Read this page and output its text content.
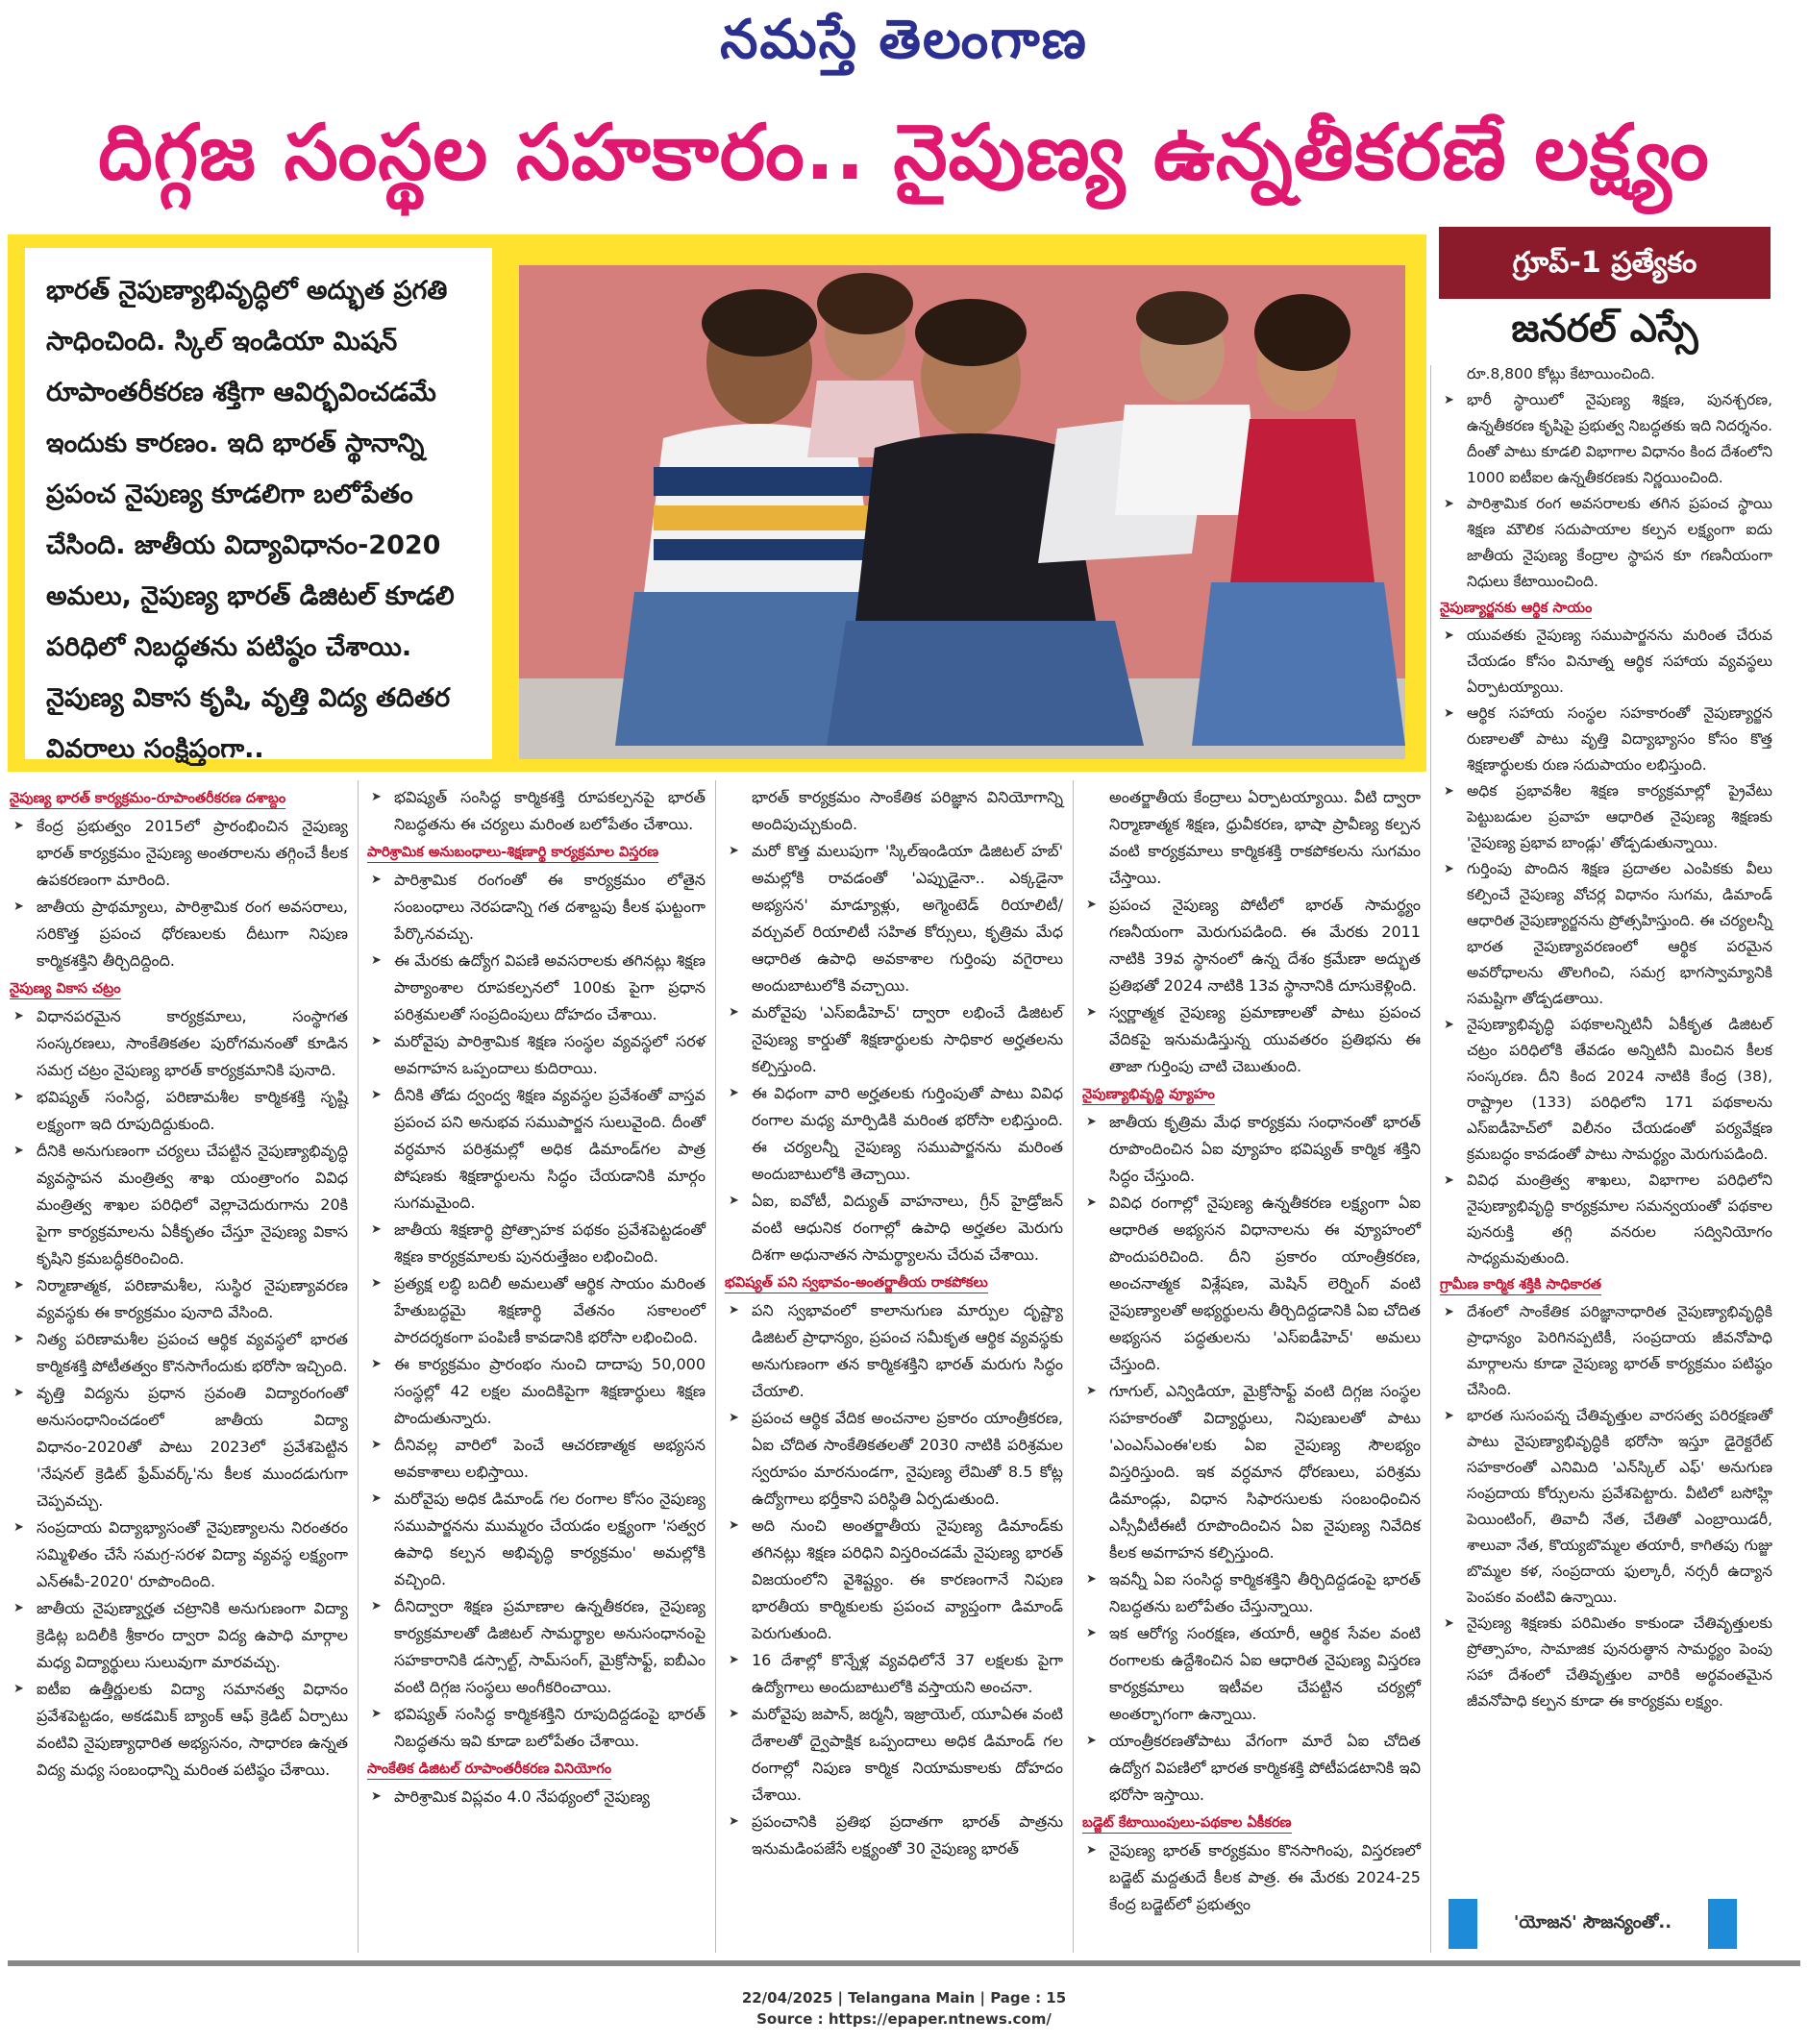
నమస్తే తెలంగాణ
దిగ్గజ సంస్థల సహకారం.. నైపుణ్య ఉన్నతీకరణే లక్ష్యం
భారత్ నైపుణ్యాభివృద్ధిలో అద్భుత ప్రగతి సాధించింది. స్కిల్ ఇండియా మిషన్ రూపాంతరీకరణ శక్తిగా ఆవిర్భవించడమే ఇందుకు కారణం. ఇది భారత్ స్థానాన్ని ప్రపంచ నైపుణ్య కూడలిగా బలోపేతం చేసింది. జాతీయ విద్యావిధానం-2020 అమలు, నైపుణ్య భారత్ డిజిటల్ కూడలి పరిధిలో నిబద్ధతను పటిష్ఠం చేశాయి. నైపుణ్య వికాస కృషి, వృత్తి విద్య తదితర వివరాలు సంక్షిప్తంగా..
గ్రూప్-1 ప్రత్యేకం
జనరల్ ఎస్సే
నైపుణ్య భారత్ కార్యక్రమం-రూపాంతరీకరణ దశాబ్దం
➤ కేంద్ర ప్రభుత్వం 2015లో ప్రారంభించిన నైపుణ్య భారత్ కార్యక్రమం నైపుణ్య అంతరాలను తగ్గించే కీలక ఉపకరణంగా మారింది.
➤ జాతీయ ప్రాథమ్యాలు, పారిశ్రామిక రంగ అవసరాలు, సరికొత్త ప్రపంచ ధోరణులకు దీటుగా నిపుణ కార్మికశక్తిని తీర్చిదిద్దింది.
నైపుణ్య వికాస చట్రం
➤ విధానపరమైన కార్యక్రమాలు, సంస్థాగత సంస్కరణలు, సాంకేతికతల పురోగమనంతో కూడిన సమగ్ర చట్రం నైపుణ్య భారత్ కార్యక్రమానికి పునాది.
➤ భవిష్యత్ సంసిద్ధ, పరిణామశీల కార్మికశక్తి సృష్టి లక్ష్యంగా ఇది రూపుదిద్దుకుంది.
➤ దీనికి అనుగుణంగా చర్యలు చేపట్టిన నైపుణ్యాభివృద్ధి వ్యవస్థాపన మంత్రిత్వ శాఖ యంత్రాంగం వివిధ మంత్రిత్వ శాఖల పరిధిలో వెల్లాచెదురుగాను 20కి పైగా కార్యక్రమాలను ఏకీకృతం చేస్తూ నైపుణ్య వికాస కృషిని క్రమబద్ధీకరించింది.
➤ నిర్మాణాత్మక, పరిణామశీల, సుస్థిర నైపుణ్యావరణ వ్యవస్థకు ఈ కార్యక్రమం పునాది వేసింది.
➤ నిత్య పరిణామశీల ప్రపంచ ఆర్థిక వ్యవస్థలో భారత కార్మికశక్తి పోటీతత్వం కొనసాగేందుకు భరోసా ఇచ్చింది.
➤ వృత్తి విద్యను ప్రధాన స్రవంతి విద్యారంగంతో అనుసంధానించడంలో జాతీయ విద్యా విధానం-2020తో పాటు 2023లో ప్రవేశపెట్టిన 'నేషనల్ క్రెడిట్ ఫ్రేమ్‌వర్క్'ను కీలక ముందడుగుగా చెప్పవచ్చు.
➤ సంప్రదాయ విద్యాభ్యాసంతో నైపుణ్యాలను నిరంతరం సమ్మిళితం చేసే సమగ్ర-సరళ విద్యా వ్యవస్థ లక్ష్యంగా ఎన్‌ఈపీ-2020' రూపొందింది.
➤ జాతీయ నైపుణ్యార్హత చట్రానికి అనుగుణంగా విద్యా క్రెడిట్ల బదిలీకి శ్రీకారం ద్వారా విద్య ఉపాధి మార్గాల మధ్య విద్యార్థులు సులువుగా మారవచ్చు.
➤ ఐటీఐ ఉత్తీర్ణులకు విద్యా సమానత్వ విధానం ప్రవేశపెట్టడం, అకడమిక్ బ్యాంక్ ఆఫ్ క్రెడిట్ ఏర్పాటు వంటివి నైపుణ్యాధారిత అభ్యసనం, సాధారణ ఉన్నత విద్య మధ్య సంబంధాన్ని మరింత పటిష్ఠం చేశాయి.
➤ భవిష్యత్ సంసిద్ధ కార్మికశక్తి రూపకల్పనపై భారత్ నిబద్ధతను ఈ చర్యలు మరింత బలోపేతం చేశాయి.
పారిశ్రామిక అనుబంధాలు-శిక్షణార్థి కార్యక్రమాల విస్తరణ
➤ పారిశ్రామిక రంగంతో ఈ కార్యక్రమం లోతైన సంబంధాలు నెరపడాన్ని గత దశాబ్దపు కీలక ఘట్టంగా పేర్కొనవచ్చు.
➤ ఈ మేరకు ఉద్యోగ విపణి అవసరాలకు తగినట్లు శిక్షణ పాఠ్యాంశాల రూపకల్పనలో 100కు పైగా ప్రధాన పరిశ్రమలతో సంప్రదింపులు దోహదం చేశాయి.
➤ మరోవైపు పారిశ్రామిక శిక్షణ సంస్థల వ్యవస్థలో సరళ అవగాహన ఒప్పందాలు కుదిరాయి.
➤ దీనికి తోడు ద్వంద్వ శిక్షణ వ్యవస్థల ప్రవేశంతో వాస్తవ ప్రపంచ పని అనుభవ సముపార్జన సులువైంది. దీంతో వర్ధమాన పరిశ్రమల్లో అధిక డిమాండ్‌గల పాత్ర పోషణకు శిక్షణార్థులను సిద్ధం చేయడానికి మార్గం సుగమమైంది.
➤ జాతీయ శిక్షణార్థి ప్రోత్సాహక పథకం ప్రవేశపెట్టడంతో శిక్షణ కార్యక్రమాలకు పునరుత్తేజం లభించింది.
➤ ప్రత్యక్ష లబ్ధి బదిలీ అమలుతో ఆర్థిక సాయం మరింత హేతుబద్ధమై శిక్షణార్థి వేతనం సకాలంలో పారదర్శకంగా పంపిణీ కావడానికి భరోసా లభించింది.
➤ ఈ కార్యక్రమం ప్రారంభం నుంచి దాదాపు 50,000 సంస్థల్లో 42 లక్షల మందికిపైగా శిక్షణార్థులు శిక్షణ పొందుతున్నారు.
➤ దీనివల్ల వారిలో పెంచే ఆచరణాత్మక అభ్యసన అవకాశాలు లభిస్తాయి.
➤ మరోవైపు అధిక డిమాండ్ గల రంగాల కోసం నైపుణ్య సముపార్జనను ముమ్మరం చేయడం లక్ష్యంగా 'సత్వర ఉపాధి కల్పన అభివృద్ధి కార్యక్రమం' అమల్లోకి వచ్చింది.
➤ దీనిద్వారా శిక్షణ ప్రమాణాల ఉన్నతీకరణ, నైపుణ్య కార్యక్రమాలతో డిజిటల్ సామర్థ్యాల అనుసంధానంపై సహకారానికి డస్సాల్ట్, సామ్‌సంగ్, మైక్రోసాఫ్ట్, ఐబీఎం వంటి దిగ్గజ సంస్థలు అంగీకరించాయి.
➤ భవిష్యత్ సంసిద్ధ కార్మికశక్తిని రూపుదిద్దడంపై భారత్ నిబద్ధతను ఇవి కూడా బలోపేతం చేశాయి.
సాంకేతిక డిజిటల్ రూపాంతరీకరణ వినియోగం
➤ పారిశ్రామిక విప్లవం 4.0 నేపథ్యంలో నైపుణ్య
భారత్ కార్యక్రమం సాంకేతిక పరిజ్ఞాన వినియోగాన్ని అందిపుచ్చుకుంది.
➤ మరో కొత్త మలుపుగా 'స్కిల్‌ఇండియా డిజిటల్ హబ్' అమల్లోకి రావడంతో 'ఎప్పుడైనా.. ఎక్కడైనా అభ్యసన' మాడ్యూళ్లు, అగ్మెంటెడ్ రియాలిటీ/వర్చువల్ రియాలిటీ సహిత కోర్సులు, కృత్రిమ మేధ ఆధారిత ఉపాధి అవకాశాల గుర్తింపు వగైరాలు అందుబాటులోకి వచ్చాయి.
➤ మరోవైపు 'ఎస్ఐడీహెచ్' ద్వారా లభించే డిజిటల్ నైపుణ్య కార్డుతో శిక్షణార్థులకు సాధికార అర్హతలను కల్పిస్తుంది.
➤ ఈ విధంగా వారి అర్హతలకు గుర్తింపుతో పాటు వివిధ రంగాల మధ్య మార్పిడికి మరింత భరోసా లభిస్తుంది. ఈ చర్యలన్నీ నైపుణ్య సముపార్జనను మరింత అందుబాటులోకి తెచ్చాయి.
➤ ఏఐ, ఐవోటీ, విద్యుత్ వాహనాలు, గ్రీన్ హైడ్రోజన్ వంటి ఆధునిక రంగాల్లో ఉపాధి అర్హతల మెరుగు దిశగా అధునాతన సామర్థ్యాలను చేరువ చేశాయి.
భవిష్యత్ పని స్వభావం-అంతర్జాతీయ రాకపోకలు
➤ పని స్వభావంలో కాలానుగుణ మార్పుల దృష్ట్యా డిజిటల్ ప్రాధాన్యం, ప్రపంచ సమీకృత ఆర్థిక వ్యవస్థకు అనుగుణంగా తన కార్మికశక్తిని భారత్ మరుగు సిద్ధం చేయాలి.
➤ ప్రపంచ ఆర్థిక వేదిక అంచనాల ప్రకారం యాంత్రీకరణ, ఏఐ చోదిత సాంకేతికతలతో 2030 నాటికి పరిశ్రమల స్వరూపం మారనుండగా, నైపుణ్య లేమితో 8.5 కోట్ల ఉద్యోగాలు భర్తీకాని పరిస్థితి ఏర్పడుతుంది.
➤ అది నుంచి అంతర్జాతీయ నైపుణ్య డిమాండ్‌కు తగినట్లు శిక్షణ పరిధిని విస్తరించడమే నైపుణ్య భారత్ విజయంలోని వైశిష్ట్యం. ఈ కారణంగానే నిపుణ భారతీయ కార్మికులకు ప్రపంచ వ్యాప్తంగా డిమాండ్ పెరుగుతుంది.
➤ 16 దేశాల్లో కొన్నేళ్ల వ్యవధిలోనే 37 లక్షలకు పైగా ఉద్యోగాలు అందుబాటులోకి వస్తాయని అంచనా.
➤ మరోవైపు జపాన్, జర్మనీ, ఇజ్రాయెల్, యూఏఈ వంటి దేశాలతో ద్వైపాక్షిక ఒప్పందాలు అధిక డిమాండ్ గల రంగాల్లో నిపుణ కార్మిక నియామకాలకు దోహదం చేశాయి.
➤ ప్రపంచానికి ప్రతిభ ప్రదాతగా భారత్ పాత్రను ఇనుమడింపజేసే లక్ష్యంతో 30 నైపుణ్య భారత్
అంతర్జాతీయ కేంద్రాలు ఏర్పాటయ్యాయి. వీటి ద్వారా నిర్మాణాత్మక శిక్షణ, ధ్రువీకరణ, భాషా ప్రావీణ్య కల్పన వంటి కార్యక్రమాలు కార్మికశక్తి రాకపోకలను సుగమం చేస్తాయి.
➤ ప్రపంచ నైపుణ్య పోటీలో భారత్ సామర్థ్యం గణనీయంగా మెరుగుపడింది. ఈ మేరకు 2011 నాటికి 39వ స్థానంలో ఉన్న దేశం క్రమేణా అద్భుత ప్రతిభతో 2024 నాటికి 13వ స్థానానికి దూసుకెళ్లింది.
➤ స్వర్ణాత్మక నైపుణ్య ప్రమాణాలతో పాటు ప్రపంచ వేదికపై ఇనుమడిస్తున్న యువతరం ప్రతిభను ఈ తాజా గుర్తింపు చాటి చెబుతుంది.
నైపుణ్యాభివృద్ధి వ్యూహం
➤ జాతీయ కృత్రిమ మేధ కార్యక్రమ సంధానంతో భారత్ రూపొందించిన ఏఐ వ్యూహం భవిష్యత్ కార్మిక శక్తిని సిద్ధం చేస్తుంది.
➤ వివిధ రంగాల్లో నైపుణ్య ఉన్నతీకరణ లక్ష్యంగా ఏఐ ఆధారిత అభ్యసన విధానాలను ఈ వ్యూహంలో పొందుపరిచింది. దీని ప్రకారం యాంత్రీకరణ, అంచనాత్మక విశ్లేషణ, మెషిన్ లెర్నింగ్ వంటి నైపుణ్యాలతో అభ్యర్థులను తీర్చిదిద్దడానికి ఏఐ చోదిత అభ్యసన పద్ధతులను 'ఎస్ఐడీహెచ్' అమలు చేస్తుంది.
➤ గూగుల్, ఎన్విడియా, మైక్రోసాఫ్ట్ వంటి దిగ్గజ సంస్థల సహకారంతో విద్యార్థులు, నిపుణులతో పాటు 'ఎంఎస్ఎంఈ'లకు ఏఐ నైపుణ్య సౌలభ్యం విస్తరిస్తుంది. ఇక వర్ధమాన ధోరణులు, పరిశ్రమ డిమాండ్లు, విధాన సిఫారసులకు సంబంధించిన ఎస్సీవీటీఈటీ రూపొందించిన ఏఐ నైపుణ్య నివేదిక కీలక అవగాహన కల్పిస్తుంది.
➤ ఇవన్నీ ఏఐ సంసిద్ధ కార్మికశక్తిని తీర్చిదిద్దడంపై భారత్ నిబద్ధతను బలోపేతం చేస్తున్నాయి.
➤ ఇక ఆరోగ్య సంరక్షణ, తయారీ, ఆర్థిక సేవల వంటి రంగాలకు ఉద్దేశించిన ఏఐ ఆధారిత నైపుణ్య విస్తరణ కార్యక్రమాలు ఇటీవల చేపట్టిన చర్యల్లో అంతర్భాగంగా ఉన్నాయి.
➤ యాంత్రీకరణతోపాటు వేగంగా మారే ఏఐ చోదిత ఉద్యోగ విపణిలో భారత కార్మికశక్తి పోటీపడటానికి ఇవి భరోసా ఇస్తాయి.
బడ్జెట్ కేటాయింపులు-పథకాల ఏకీకరణ
➤ నైపుణ్య భారత్ కార్యక్రమం కొనసాగింపు, విస్తరణలో బడ్జెట్ మద్దతుదే కీలక పాత్ర. ఈ మేరకు 2024-25 కేంద్ర బడ్జెట్‌లో ప్రభుత్వం
రూ.8,800 కోట్లు కేటాయించింది.
➤ భారీ స్థాయిలో నైపుణ్య శిక్షణ, పునశ్చరణ, ఉన్నతీకరణ కృషిపై ప్రభుత్వ నిబద్ధతకు ఇది నిదర్శనం. దీంతో పాటు కూడలి విభాగాల విధానం కింద దేశంలోని 1000 ఐటీఐల ఉన్నతీకరణకు నిర్ణయించింది.
➤ పారిశ్రామిక రంగ అవసరాలకు తగిన ప్రపంచ స్థాయి శిక్షణ మౌలిక సదుపాయాల కల్పన లక్ష్యంగా ఐదు జాతీయ నైపుణ్య కేంద్రాల స్థాపన కూ గణనీయంగా నిధులు కేటాయించింది.
నైపుణ్యార్జనకు ఆర్థిక సాయం
➤ యువతకు నైపుణ్య సముపార్జనను మరింత చేరువ చేయడం కోసం వినూత్న ఆర్థిక సహాయ వ్యవస్థలు ఏర్పాటయ్యాయి.
➤ ఆర్థిక సహాయ సంస్థల సహకారంతో నైపుణ్యార్జన రుణాలతో పాటు వృత్తి విద్యాభ్యాసం కోసం కొత్త శిక్షణార్థులకు రుణ సదుపాయం లభిస్తుంది.
➤ అధిక ప్రభావశీల శిక్షణ కార్యక్రమాల్లో ప్రైవేటు పెట్టుబడుల ప్రవాహ ఆధారిత నైపుణ్య శిక్షణకు 'నైపుణ్య ప్రభావ బాండ్లు' తోడ్పడుతున్నాయి.
➤ గుర్తింపు పొందిన శిక్షణ ప్రదాతల ఎంపికకు వీలు కల్పించే నైపుణ్య వోచర్ల విధానం సుగమ, డిమాండ్ ఆధారిత నైపుణ్యార్జనను ప్రోత్సహిస్తుంది. ఈ చర్యలన్నీ భారత నైపుణ్యావరణంలో ఆర్థిక పరమైన అవరోధాలను తొలగించి, సమగ్ర భాగస్వామ్యానికి సమష్టిగా తోడ్పడతాయి.
➤ నైపుణ్యాభివృద్ధి పథకాలన్నిటినీ ఏకీకృత డిజిటల్ చట్రం పరిధిలోకి తేవడం అన్నిటినీ మించిన కీలక సంస్కరణ. దీని కింద 2024 నాటికి కేంద్ర (38), రాష్ట్రాల (133) పరిధిలోని 171 పథకాలను ఎస్ఐడీహెచ్‌లో విలీనం చేయడంతో పర్యవేక్షణ క్రమబద్ధం కావడంతో పాటు సామర్థ్యం మెరుగుపడింది.
➤ వివిధ మంత్రిత్వ శాఖలు, విభాగాల పరిధిలోని నైపుణ్యాభివృద్ధి కార్యక్రమాల సమన్వయంతో పథకాల పునరుక్తి తగ్గి వనరుల సద్వినియోగం సాధ్యమవుతుంది.
గ్రామీణ కార్మిక శక్తికి సాధికారత
➤ దేశంలో సాంకేతిక పరిజ్ఞానాధారిత నైపుణ్యాభివృద్ధికి ప్రాధాన్యం పెరిగినప్పటికీ, సంప్రదాయ జీవనోపాధి మార్గాలను కూడా నైపుణ్య భారత్ కార్యక్రమం పటిష్ఠం చేసింది.
➤ భారత సుసంపన్న చేతివృత్తుల వారసత్వ పరిరక్షణతో పాటు నైపుణ్యాభివృద్ధికి భరోసా ఇస్తూ డైరెక్టరేట్ సహకారంతో ఎనిమిది 'ఎన్‌స్కిల్ ఎఫ్' అనుగుణ సంప్రదాయ కోర్సులను ప్రవేశపెట్టారు. వీటిలో బసోహ్లి పెయింటింగ్, తివాచీ నేత, చేతితో ఎంబ్రాయిడరీ, శాలువా నేత, కొయ్యబొమ్మల తయారీ, కాగితపు గుజ్జు బొమ్మల కళ, సంప్రదాయ ఫుల్కారీ, నర్సరీ ఉద్యాన పెంపకం వంటివి ఉన్నాయి.
➤ నైపుణ్య శిక్షణకు పరిమితం కాకుండా చేతివృత్తులకు ప్రోత్సాహం, సామాజిక పునరుత్థాన సామర్థ్యం పెంపు సహా దేశంలో చేతివృత్తుల వారికి అర్థవంతమైన జీవనోపాధి కల్పన కూడా ఈ కార్యక్రమ లక్ష్యం.
'యోజన' సౌజన్యంతో..
22/04/2025 | Telangana Main | Page : 15
Source : https://epaper.ntnews.com/
